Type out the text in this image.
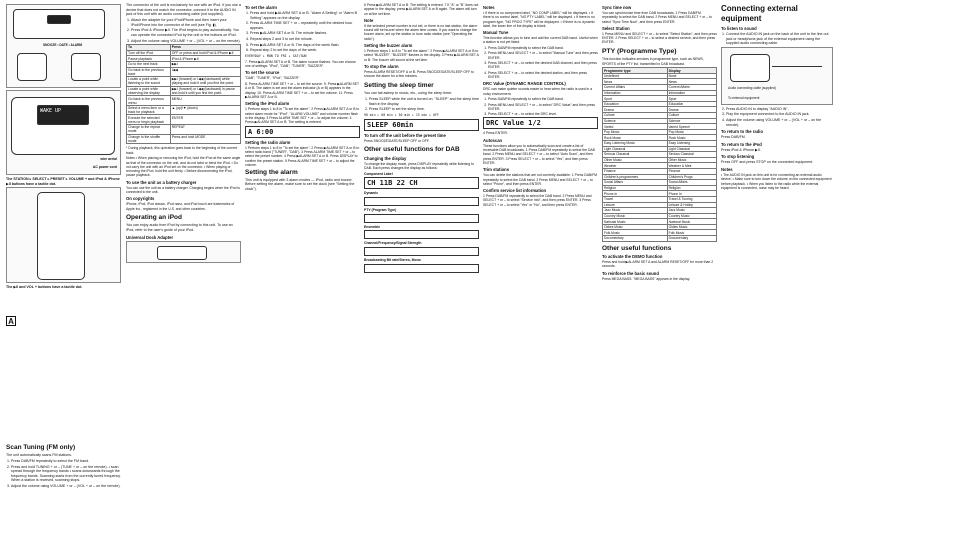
SNOOZE • DATE • ALARM
WAKE UP
wire aerial
AC power cord

The STATION ▸ SELECT ▸ PRESET ▸ VOLUME + and iPod & iPhone ▶II buttons have a tactile dot.

The ▶II and VOL + buttons have a tactile dot.

Scan Tuning (FM only)

The unit automatically scans FM stations.

1. Press DAB/FM repeatedly to select the FM band.
2. Press and hold TUNING + or – (TUNE + or – on the remote). • scan spread through the frequency bands • scans downwards through the frequency bands. Scanning starts from the currently tuned frequency. When a station is received, scanning stops.
3. Adjust the volume using VOLUME + or – (VOL + or – on the remote).
A

The connector of the unit is exclusively for use with an iPod. If you use a device that does not match the connector, connect it to the AUDIO IN jack of this unit with an audio connecting cable (not supplied).

1. Attach the adapter for your iPod/iPhone and then insert your iPod/iPhone into the connector of the unit (see Fig. ▮).
2. Press iPod & iPhone ▶II. The iPod begins to play automatically. You can operate the connected iPod by the unit or the buttons on iPod.
3. Adjust the volume using VOLUME + or – (VOL + or – on the remote).
To	Press
Turn off the iPod	OFF or press and hold iPod & iPhone ▶II
Pause playback	iPod & iPhone ▶II
Go to the next track	▶▶I
Go back to the previous track	I◀◀
Locate a point while listening to the sound	▶▶I (forward) or I◀◀ (backward) while playing and hold it until you find the point.
Locate a point while observing the display	▶▶I (forward) or I◀◀ (backward) in pause and hold it until you find the point.
Go back to the previous menu	MENU
Select a menu item or a track for playback	▲ (up)/▼ (down)
Execute the selected menu or begin playback	ENTER
Change to the repeat mode	REPEAT
Change to the shuffle mode	Press and hold MODE

* During playback, this operation goes back to the beginning of the current track.

Notes • When placing or removing the iPod, hold the iPod at the same angle as that of the connector on the unit, and do not twist or bend the iPod. • Do not carry the unit with an iPod set on the connector. • When playing or removing the iPod, hold the unit firmly. • Before disconnecting the iPod, pause playback.

To use the unit as a battery charger

You can use the unit as a battery charger. Charging begins when the iPod is connected to the unit.

On copyrights

iPhone, iPod, iPod classic, iPod nano, and iPod touch are trademarks of Apple Inc., registered in the U.S. and other countries.

Operating an iPod

You can enjoy audio from iPod by connecting to this unit. To use an iPod, refer to the user's guide of your iPod.

Universal Dock Adapter
To set the alarm
1. Press and hold ▶ALARM SET A or B. "Alarm A Setting" or "Alarm B Setting" appears on the display.
2. Press ALARM TIME SET + or – repeatedly until the desired hour appears.
3. Press ▶ALARM SET A or B. The minute flashes.
4. Repeat steps 2 and 3 to set the minute.
5. Press ▶ALARM SET A or B. The days of the week flash.
6. Repeat step 2 to set the days of the week.

EVERYDAY ▸ MON TO FRI ▸ SAT/SUN

7. Press ▶ALARM SET A or B. The alarm source flashes. You can choose one of settings: "iPod", "DAB", "TUNER", "BUZZER".

To set the source

"DAB", "TUNER", "iPod", "BUZZER"

8. Press ALARM TIME SET + or – to set the source. 9. Press ▶ALARM SET A or B. The alarm is set and the alarm indicator (A or B) appears in the display. 10. Press ALARM TIME SET + or – to set the volume. 11. Press ▶ALARM SET A or B.

Setting the iPod alarm

1 Perform steps 1 to 8 in "To set the alarm". 2 Press ▶ALARM SET A or B to select alarm mode for "iPod". "ALARM VOLUME" and volume number flash in the display. 3 Press ALARM TIME SET + or – to adjust the volume. 4 Press ▶ALARM SET A or B. The setting is entered.

A 6:00
Setting the radio alarm

1 Perform steps 1 to 8 in "To set the alarm". 2 Press ▶ALARM SET A or B to select radio band ("TUNER", "DAB"). 3 Press ALARM TIME SET + or – to select the preset number. 4 Press ▶ALARM SET A or B. Press DISPLAY to confirm the preset station. 5 Press ALARM TIME SET + or – to adjust the volume.

Setting the alarm

This unit is equipped with 3 alarm modes — iPod, radio and buzzer. Before setting the alarm, make sure to set the clock (see "Setting the clock").

6 Press ▶ALARM SET A or B. The setting is entered. 7 If "A" or "B" does not appear in the display, press ▶ALARM SET A or B again. The alarm will turn on at the set time.

Note

If the selected preset number is not set, or there is no last station, the alarm sound will be buzzer when the alarm time comes. If you want to change the buzzer alarm, set up the station or tune radio station (see "Operating the radio").

Setting the buzzer alarm

1 Perform steps 1 to 8 in "To set the alarm". 2 Press ▶ALARM SET A or B to select "BUZZER". "BUZZER" flashes in the display. 3 Press ▶ALARM SET A or B. The buzzer will sound at the set time.

To stop the alarm

Press ALARM RESET/OFF A or B. Press SNOOZE/DATE/SLEEP OFF to snooze the alarm for a few minutes.

Setting the sleep timer

You can fall asleep to music, etc., using the sleep timer.

1. Press SLEEP while the unit is turned on. "SLEEP" and the sleep time flash in the display.
2. Press SLEEP to set the sleep time.

90 min ▸ 60 min ▸ 30 min ▸ 15 min ▸ OFF

SLEEP 60min
To turn off the unit before the preset time

Press SNOOZE/DATE/SLEEP OFF or OFF.

Other useful functions for DAB
Changing the display

To change the display mode, press DISPLAY repeatedly while listening to DAB. Each press changes the display as follows:

Component Label

CH 11B 22 CH

Dynamic

PTY (Program Type)

Ensemble

Channel/Frequency/Signal Strength

Broadcasting Bit rate/Stereo, Mono

Notes

• If there is no component label, "NO COMP LABEL" will be displayed. • If there is no control label, "NO PTY LABEL" will be displayed. • If there is no program type, "NO PROG TYPE" will be displayed. • If there is no dynamic label, the lower line of the display is blank.

Manual Tune

This function allows you to tune and add the current DAB band. Useful when a station is not yet listed.

1. Press DAB/FM repeatedly to select the DAB band.
2. Press MENU and SELECT + or – to select "Manual Tune" and then press ENTER.
3. Press SELECT + or – to select the desired DAB channel, and then press ENTER.
4. Press SELECT + or – to select the desired station, and then press ENTER.
DRC Value (DYNAMIC RANGE CONTROL)

DRC can make quieter sounds easier to hear when the radio is used in a noisy environment.

1. Press DAB/FM repeatedly to select the DAB band.
2. Press MENU and SELECT + or – to select "DRC Value" and then press ENTER.
3. Press SELECT + or – to select the DRC level.
DRC Value 1/2

4 Press ENTER.

Autoscan

These functions allow you to automatically scan and create a list of receivable DAB broadcasts. 1 Press DAB/FM repeatedly to select the DAB band. 2 Press MENU and SELECT + or – to select "Auto Scan", and then press ENTER. 3 Press SELECT + or – to select "Yes", and then press ENTER.

Trim stations

You can delete the stations that are not currently available. 1 Press DAB/FM repeatedly to select the DAB band. 2 Press MENU and SELECT + or – to select "Prune", and then press ENTER.

Confirm service list information

1 Press DAB/FM repeatedly to select the DAB band. 2 Press MENU and SELECT + or – to select "Service Info", and then press ENTER. 3 Press SELECT + or – to select "Yes" or "No", and then press ENTER.

Sync time now

You can synchronize time from DAB broadcasts. 1 Press DAB/FM repeatedly to select the DAB band. 2 Press MENU and SELECT + or – to select "Sync Time Now", and then press ENTER.

Select Station

1 Press MENU and SELECT + or – to select "Select Station", and then press ENTER. 2 Press SELECT + or – to select a desired service, and then press ENTER.

PTY (Programme Type)

This function indicates services in programme type, such as NEWS, SPORTS of the PTY list, transmitted in DAB broadcast.

Programme type	Display
Undefined	None
News	News
Current Affairs	Current Affairs
Information	Information
Sport	Sport
Education	Education
Drama	Drama
Culture	Culture
Science	Science
Varied	Varied Speech
Pop Music	Pop Music
Rock Music	Rock Music
Easy Listening Music	Easy Listening
Light Classical	Light Classical
Serious Classical	Serious Classical
Other Music	Other Music
Weather	Weather & Metr
Finance	Finance
Children's programmes	Children's Progs
Social Affairs	Social Affairs
Religion	Religion
Phone In	Phone In
Travel	Travel & Touring
Leisure	Leisure & Hobby
Jazz Music	Jazz Music
Country Music	Country Music
National Music	National Music
Oldies Music	Oldies Music
Folk Music	Folk Music
Documentary	Documentary
Other useful functions
To activate the DEMO function

Press and hold ▶ALARM SET A and ALARM RESET/OFF for more than 2 seconds.

To reinforce the basic sound

Press MEGA BASS. "MEGA BASS" appears in the display.

Connecting external equipment
To listen to sound
1. Connect the AUDIO IN jack on the back of the unit to the line out jack or headphone jack of the external equipment using the supplied audio connecting cable.
Audio connecting cable (supplied)
To external equipment
2. Press AUDIO IN to display "AUDIO IN".
3. Play the equipment connected to the AUDIO IN jack.
4. Adjust the volume using VOLUME + or – (VOL + or – on the remote).
To return to the radio

Press DAB/FM.

To return to the iPod

Press iPod & iPhone ▶II.

To stop listening

Press OFF and press STOP on the connected equipment.

Notes

• The AUDIO IN jack on this unit is for connecting an external audio device. • Make sure to turn down the volume on the connected equipment before playback. • When you listen to the radio while the external equipment is connected, noise may be heard.
